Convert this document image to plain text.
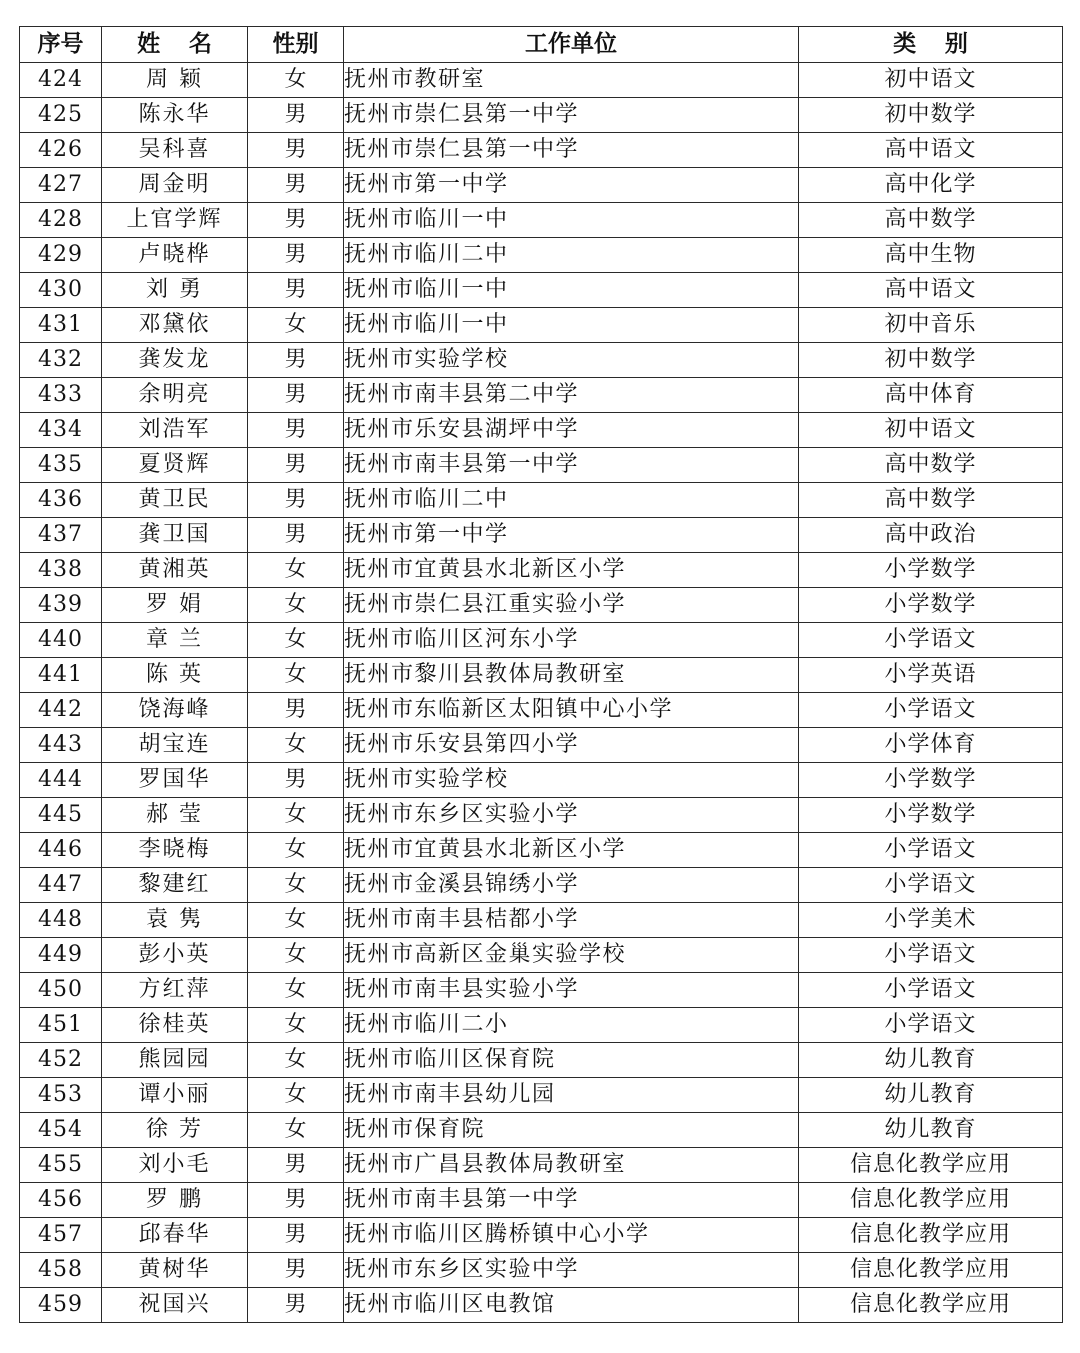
序号	姓 名	性别	工作单位	类 别
424	周 颖	女	抚州市教研室	初中语文
425	陈永华	男	抚州市崇仁县第一中学	初中数学
426	吴科喜	男	抚州市崇仁县第一中学	高中语文
427	周金明	男	抚州市第一中学	高中化学
428	上官学辉	男	抚州市临川一中	高中数学
429	卢晓桦	男	抚州市临川二中	高中生物
430	刘 勇	男	抚州市临川一中	高中语文
431	邓黛依	女	抚州市临川一中	初中音乐
432	龚发龙	男	抚州市实验学校	初中数学
433	余明亮	男	抚州市南丰县第二中学	高中体育
434	刘浩军	男	抚州市乐安县湖坪中学	初中语文
435	夏贤辉	男	抚州市南丰县第一中学	高中数学
436	黄卫民	男	抚州市临川二中	高中数学
437	龚卫国	男	抚州市第一中学	高中政治
438	黄湘英	女	抚州市宜黄县水北新区小学	小学数学
439	罗 娟	女	抚州市崇仁县江重实验小学	小学数学
440	章 兰	女	抚州市临川区河东小学	小学语文
441	陈 英	女	抚州市黎川县教体局教研室	小学英语
442	饶海峰	男	抚州市东临新区太阳镇中心小学	小学语文
443	胡宝连	女	抚州市乐安县第四小学	小学体育
444	罗国华	男	抚州市实验学校	小学数学
445	郝 莹	女	抚州市东乡区实验小学	小学数学
446	李晓梅	女	抚州市宜黄县水北新区小学	小学语文
447	黎建红	女	抚州市金溪县锦绣小学	小学语文
448	袁 隽	女	抚州市南丰县桔都小学	小学美术
449	彭小英	女	抚州市高新区金巢实验学校	小学语文
450	方红萍	女	抚州市南丰县实验小学	小学语文
451	徐桂英	女	抚州市临川二小	小学语文
452	熊园园	女	抚州市临川区保育院	幼儿教育
453	谭小丽	女	抚州市南丰县幼儿园	幼儿教育
454	徐 芳	女	抚州市保育院	幼儿教育
455	刘小毛	男	抚州市广昌县教体局教研室	信息化教学应用
456	罗 鹏	男	抚州市南丰县第一中学	信息化教学应用
457	邱春华	男	抚州市临川区腾桥镇中心小学	信息化教学应用
458	黄树华	男	抚州市东乡区实验中学	信息化教学应用
459	祝国兴	男	抚州市临川区电教馆	信息化教学应用
